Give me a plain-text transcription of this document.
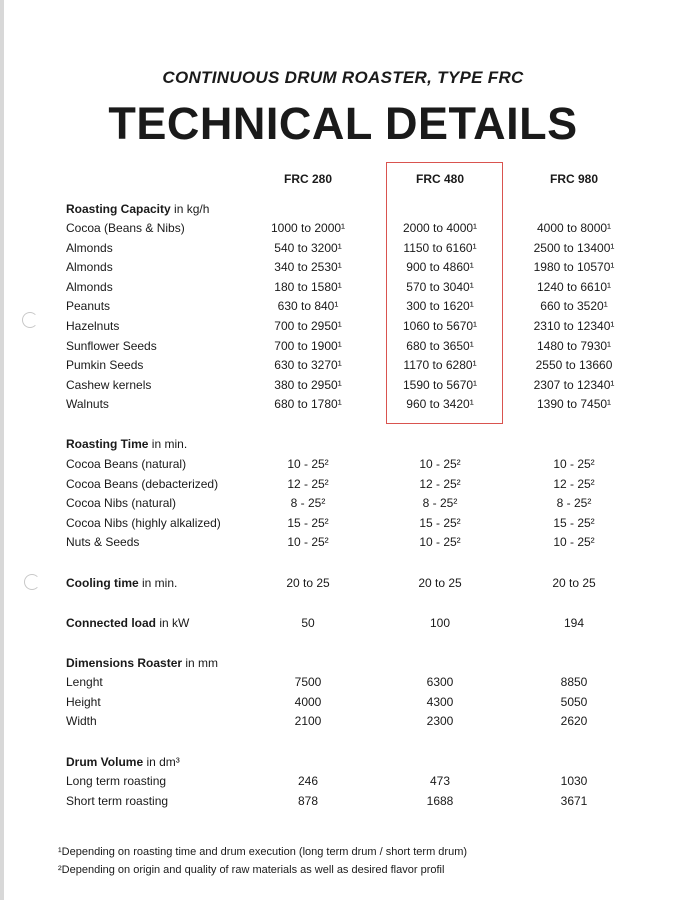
CONTINUOUS DRUM ROASTER, TYPE FRC
TECHNICAL DETAILS
FRC 280	FRC 480	FRC 980
Roasting Capacity in kg/h
Cocoa (Beans & Nibs)	1000 to 2000¹	2000 to 4000¹	4000 to 8000¹
Almonds	540 to 3200¹	1150 to 6160¹	2500 to 13400¹
Almonds	340 to 2530¹	900 to 4860¹	1980 to 10570¹
Almonds	180 to 1580¹	570 to 3040¹	1240 to 6610¹
Peanuts	630 to 840¹	300 to 1620¹	660 to 3520¹
Hazelnuts	700 to 2950¹	1060 to 5670¹	2310 to 12340¹
Sunflower Seeds	700 to 1900¹	680 to 3650¹	1480 to 7930¹
Pumkin Seeds	630 to 3270¹	1170 to 6280¹	2550 to 13660
Cashew kernels	380 to 2950¹	1590 to 5670¹	2307 to 12340¹
Walnuts	680 to 1780¹	960 to 3420¹	1390 to 7450¹
Roasting Time in min.
Cocoa Beans (natural)	10 - 25²	10 - 25²	10 - 25²
Cocoa Beans (debacterized)	12 - 25²	12 - 25²	12 - 25²
Cocoa Nibs (natural)	8 - 25²	8 - 25²	8 - 25²
Cocoa Nibs (highly alkalized)	15 - 25²	15 - 25²	15 - 25²
Nuts & Seeds	10 - 25²	10 - 25²	10 - 25²
Cooling time in min.	20 to 25	20 to 25	20 to 25
Connected load in kW	50	100	194
Dimensions Roaster in mm
Lenght	7500	6300	8850
Height	4000	4300	5050
Width	2100	2300	2620
Drum Volume in dm³
Long term roasting	246	473	1030
Short term roasting	878	1688	3671
¹Depending on roasting time and drum execution (long term drum / short term drum)
²Depending on origin and quality of raw materials as well as desired flavor profil
